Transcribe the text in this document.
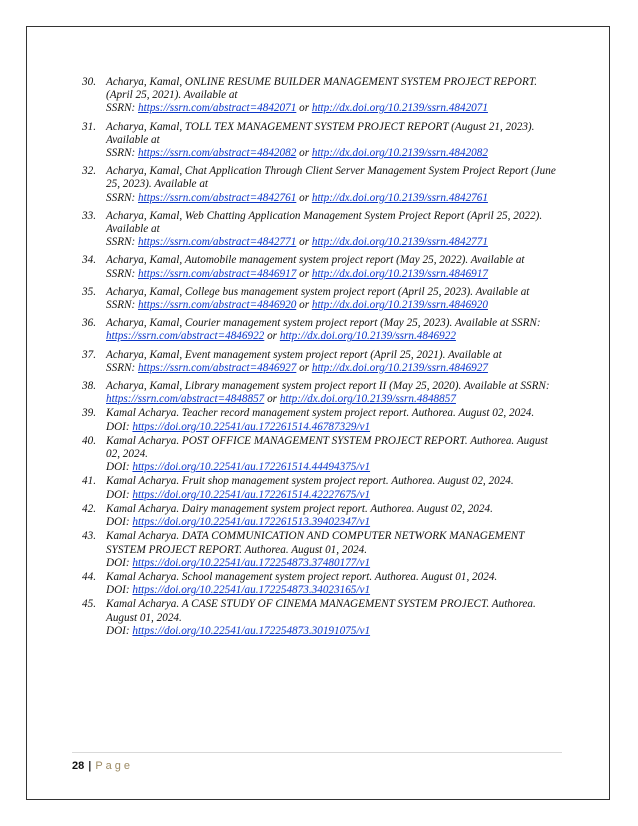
30. Acharya, Kamal, ONLINE RESUME BUILDER MANAGEMENT SYSTEM PROJECT REPORT. (April 25, 2021). Available at
SSRN: https://ssrn.com/abstract=4842071 or http://dx.doi.org/10.2139/ssrn.4842071
31. Acharya, Kamal, TOLL TEX MANAGEMENT SYSTEM PROJECT REPORT (August 21, 2023). Available at
SSRN: https://ssrn.com/abstract=4842082 or http://dx.doi.org/10.2139/ssrn.4842082
32. Acharya, Kamal, Chat Application Through Client Server Management System Project Report (June 25, 2023). Available at
SSRN: https://ssrn.com/abstract=4842761 or http://dx.doi.org/10.2139/ssrn.4842761
33. Acharya, Kamal, Web Chatting Application Management System Project Report (April 25, 2022). Available at
SSRN: https://ssrn.com/abstract=4842771 or http://dx.doi.org/10.2139/ssrn.4842771
34. Acharya, Kamal, Automobile management system project report (May 25, 2022). Available at
SSRN: https://ssrn.com/abstract=4846917 or http://dx.doi.org/10.2139/ssrn.4846917
35. Acharya, Kamal, College bus management system project report (April 25, 2023). Available at
SSRN: https://ssrn.com/abstract=4846920 or http://dx.doi.org/10.2139/ssrn.4846920
36. Acharya, Kamal, Courier management system project report (May 25, 2023). Available at SSRN: https://ssrn.com/abstract=4846922 or http://dx.doi.org/10.2139/ssrn.4846922
37. Acharya, Kamal, Event management system project report (April 25, 2021). Available at
SSRN: https://ssrn.com/abstract=4846927 or http://dx.doi.org/10.2139/ssrn.4846927
38. Acharya, Kamal, Library management system project report II (May 25, 2020). Available at SSRN: https://ssrn.com/abstract=4848857 or http://dx.doi.org/10.2139/ssrn.4848857
39. Kamal Acharya. Teacher record management system project report. Authorea. August 02, 2024.
DOI: https://doi.org/10.22541/au.172261514.46787329/v1
40. Kamal Acharya. POST OFFICE MANAGEMENT SYSTEM PROJECT REPORT. Authorea. August 02, 2024.
DOI: https://doi.org/10.22541/au.172261514.44494375/v1
41. Kamal Acharya. Fruit shop management system project report. Authorea. August 02, 2024.
DOI: https://doi.org/10.22541/au.172261514.42227675/v1
42. Kamal Acharya. Dairy management system project report. Authorea. August 02, 2024.
DOI: https://doi.org/10.22541/au.172261513.39402347/v1
43. Kamal Acharya. DATA COMMUNICATION AND COMPUTER NETWORK MANAGEMENT SYSTEM PROJECT REPORT. Authorea. August 01, 2024.
DOI: https://doi.org/10.22541/au.172254873.37480177/v1
44. Kamal Acharya. School management system project report. Authorea. August 01, 2024.
DOI: https://doi.org/10.22541/au.172254873.34023165/v1
45. Kamal Acharya. A CASE STUDY OF CINEMA MANAGEMENT SYSTEM PROJECT. Authorea. August 01, 2024.
DOI: https://doi.org/10.22541/au.172254873.30191075/v1
28 | Page
